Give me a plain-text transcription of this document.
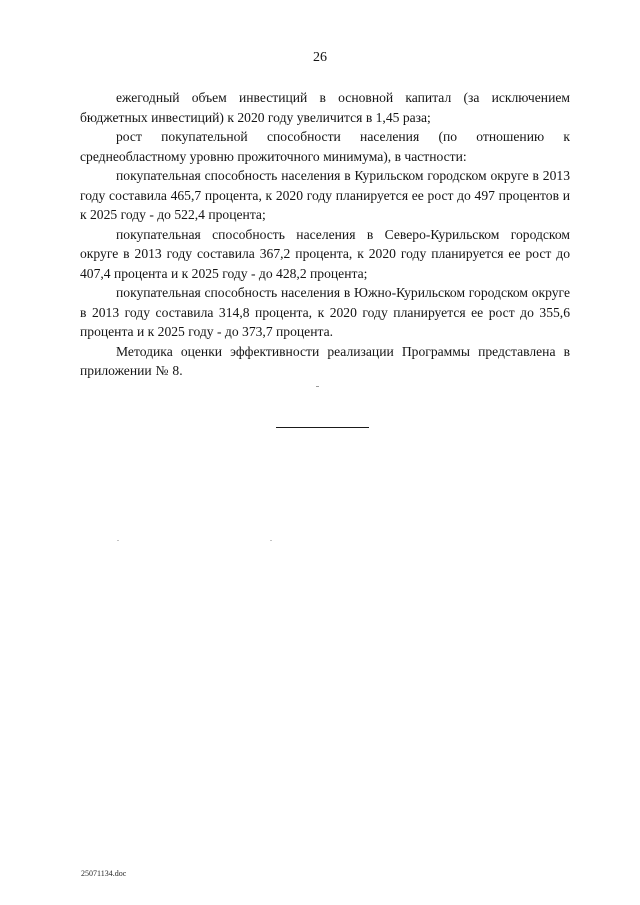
26

ежегодный объем инвестиций в основной капитал (за исключением бюджетных инвестиций) к 2020 году увеличится в 1,45 раза;

рост покупательной способности населения (по отношению к среднеобластному уровню прожиточного минимума), в частности:

покупательная способность населения в Курильском городском округе в 2013 году составила 465,7 процента, к 2020 году планируется ее рост до 497 процентов и к 2025 году - до 522,4 процента;

покупательная способность населения в Северо-Курильском городском округе в 2013 году составила 367,2 процента, к 2020 году планируется ее рост до 407,4 процента и к 2025 году - до 428,2 процента;

покупательная способность населения в Южно-Курильском городском округе в 2013 году составила 314,8 процента, к 2020 году планируется ее рост до 355,6 процента и к 2025 году - до 373,7 процента.

Методика оценки эффективности реализации Программы представлена в приложении № 8.

25071134.doc
